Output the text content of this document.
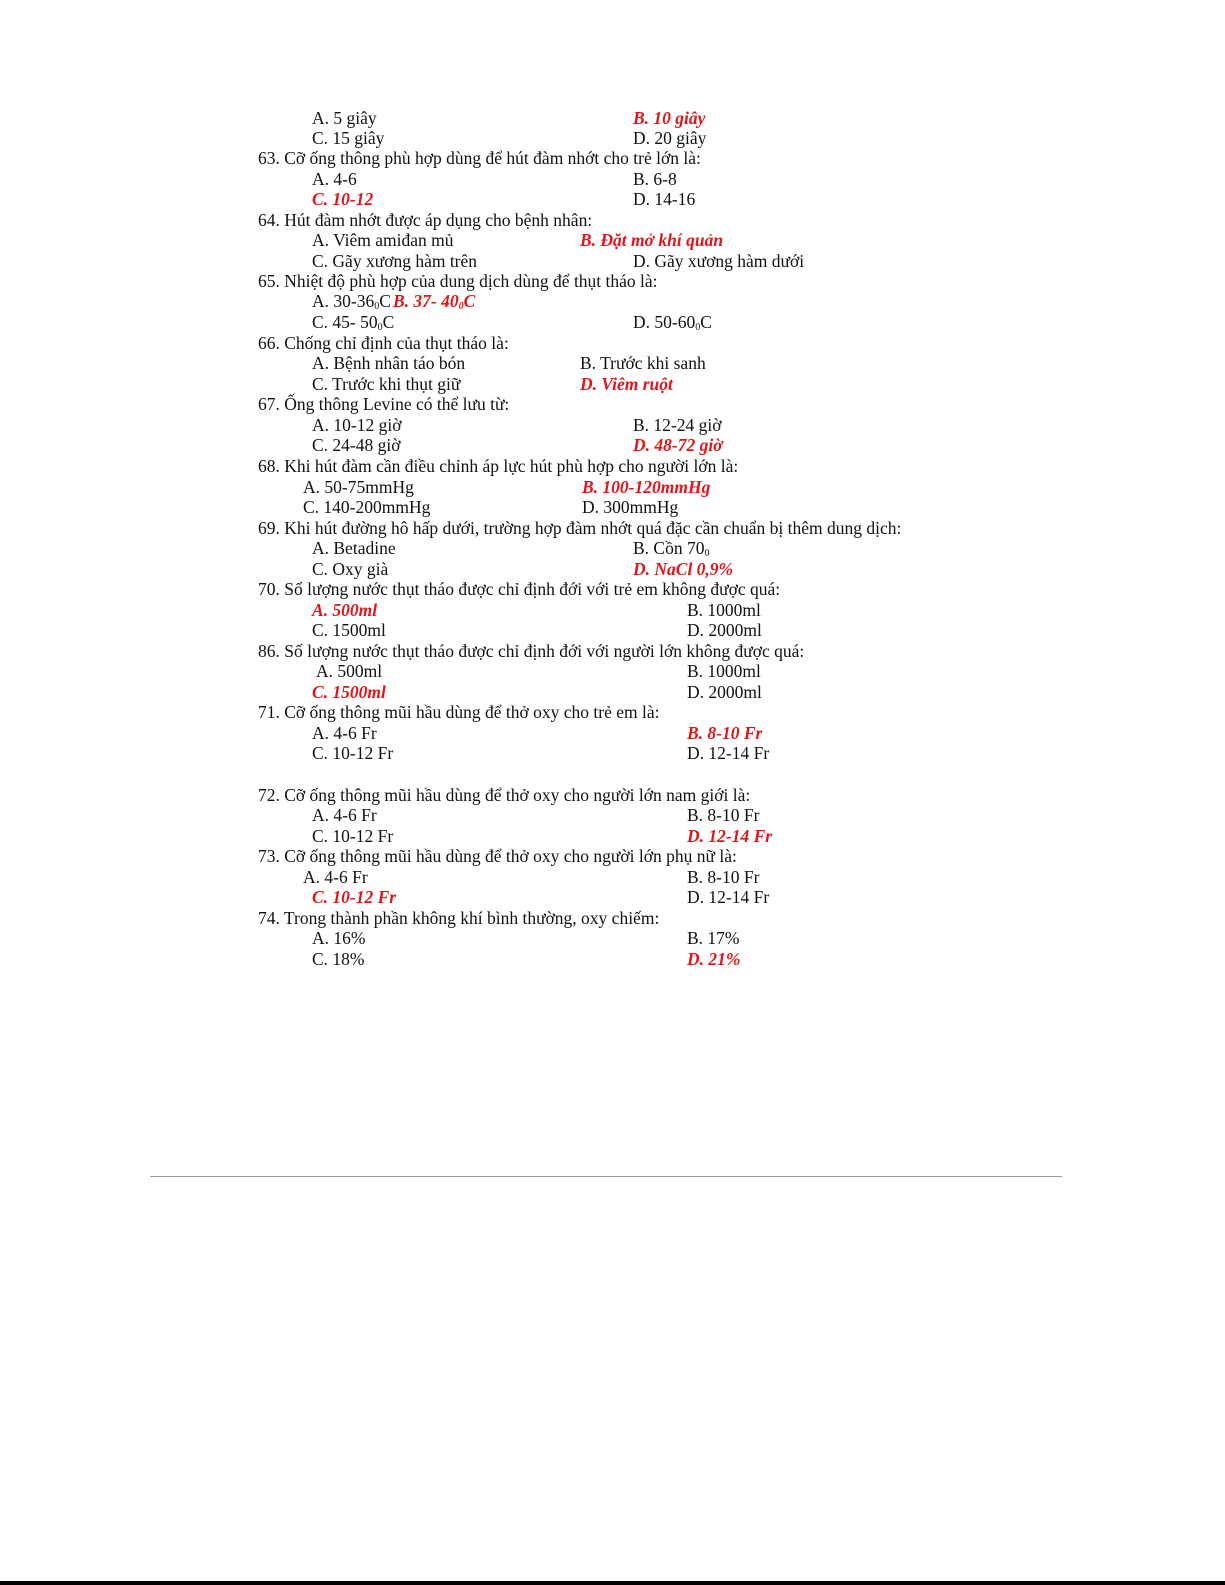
A. 5 giây	B. 10 giây
C. 15 giây	D. 20 giây
63. Cỡ ống thông phù hợp dùng để hút đàm nhớt cho trẻ lớn là:
A. 4-6	B. 6-8
C. 10-12	D. 14-16
64. Hút đàm nhớt được áp dụng cho bệnh nhân:
A. Viêm amiđan mủ	B. Đặt mở khí quản
C. Gãy xương hàm trên	D. Gãy xương hàm dưới
65. Nhiệt độ phù hợp của dung dịch dùng để thụt tháo là:
A. $30-36_0C$ B. 37- $40_0C$
C. 45- $50_0C$	D. $50-60_0C$
66. Chống chỉ định của thụt tháo là:
A. Bệnh nhân táo bón	B. Trước khi sanh
C. Trước khi thụt giữ	D. Viêm ruột
67. Ống thông Levine có thể lưu từ:
A. 10-12 giờ	B. 12-24 giờ
C. 24-48 giờ	D. 48-72 giờ
68. Khi hút đàm cần điều chỉnh áp lực hút phù hợp cho người lớn là:
A. 50-75mmHg	B. 100-120mmHg
C. 140-200mmHg	D. 300mmHg
69. Khi hút đường hô hấp dưới, trường hợp đàm nhớt quá đặc cần chuẩn bị thêm dung dịch:
A. Betadine	B. Cồn $70_0$
C. Oxy già	D. NaCl 0,9%
70. Số lượng nước thụt tháo được chỉ định đới với trẻ em không được quá:
A. 500ml	B. 1000ml
C. 1500ml	D. 2000ml
86. Số lượng nước thụt tháo được chỉ định đới với người lớn không được quá:
A. 500ml	B. 1000ml
C. 1500ml	D. 2000ml
71. Cỡ ống thông mũi hầu dùng để thở oxy cho trẻ em là:
A. 4-6 Fr	B. 8-10 Fr
C. 10-12 Fr	D. 12-14 Fr
72. Cỡ ống thông mũi hầu dùng để thở oxy cho người lớn nam giới là:
A. 4-6 Fr	B. 8-10 Fr
C. 10-12 Fr	D. 12-14 Fr
73. Cỡ ống thông mũi hầu dùng để thở oxy cho người lớn phụ nữ là:
A. 4-6 Fr	B. 8-10 Fr
C. 10-12 Fr	D. 12-14 Fr
74. Trong thành phần không khí bình thường, oxy chiếm:
A. 16%	B. 17%
C. 18%	D. 21%
